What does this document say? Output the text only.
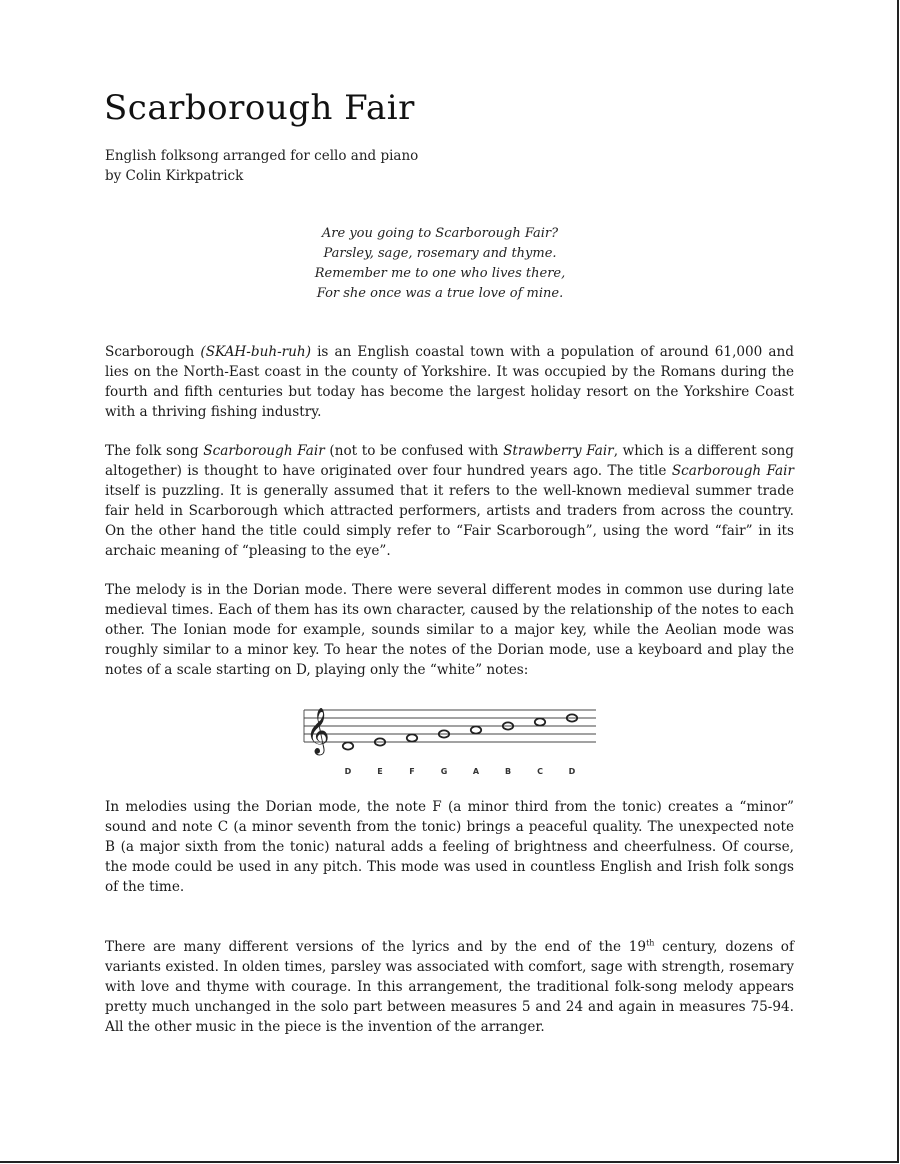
Scarborough Fair
English folksong arranged for cello and piano
by Colin Kirkpatrick
Are you going to Scarborough Fair?
Parsley, sage, rosemary and thyme.
Remember me to one who lives there,
For she once was a true love of mine.

Scarborough (SKAH-buh-ruh) is an English coastal town with a population of around 61,000 and lies on the North-East coast in the county of Yorkshire. It was occupied by the Romans during the fourth and fifth centuries but today has become the largest holiday resort on the Yorkshire Coast with a thriving fishing industry.

The folk song Scarborough Fair (not to be confused with Strawberry Fair, which is a different song altogether) is thought to have originated over four hundred years ago. The title Scarborough Fair itself is puzzling. It is generally assumed that it refers to the well-known medieval summer trade fair held in Scarborough which attracted performers, artists and traders from across the country. On the other hand the title could simply refer to “Fair Scarborough”, using the word “fair” in its archaic meaning of “pleasing to the eye”.

The melody is in the Dorian mode. There were several different modes in common use during late medieval times. Each of them has its own character, caused by the relationship of the notes to each other. The Ionian mode for example, sounds similar to a major key, while the Aeolian mode was roughly similar to a minor key. To hear the notes of the Dorian mode, use a keyboard and play the notes of a scale starting on D, playing only the “white” notes:

𝄞
D	E	F	G	A	B	C	D

In melodies using the Dorian mode, the note F (a minor third from the tonic) creates a “minor” sound and note C (a minor seventh from the tonic) brings a peaceful quality. The unexpected note B (a major sixth from the tonic) natural adds a feeling of brightness and cheerfulness. Of course, the mode could be used in any pitch. This mode was used in countless English and Irish folk songs of the time.

There are many different versions of the lyrics and by the end of the 19th century, dozens of variants existed. In olden times, parsley was associated with comfort, sage with strength, rosemary with love and thyme with courage. In this arrangement, the traditional folk-song melody appears pretty much unchanged in the solo part between measures 5 and 24 and again in measures 75-94. All the other music in the piece is the invention of the arranger.
